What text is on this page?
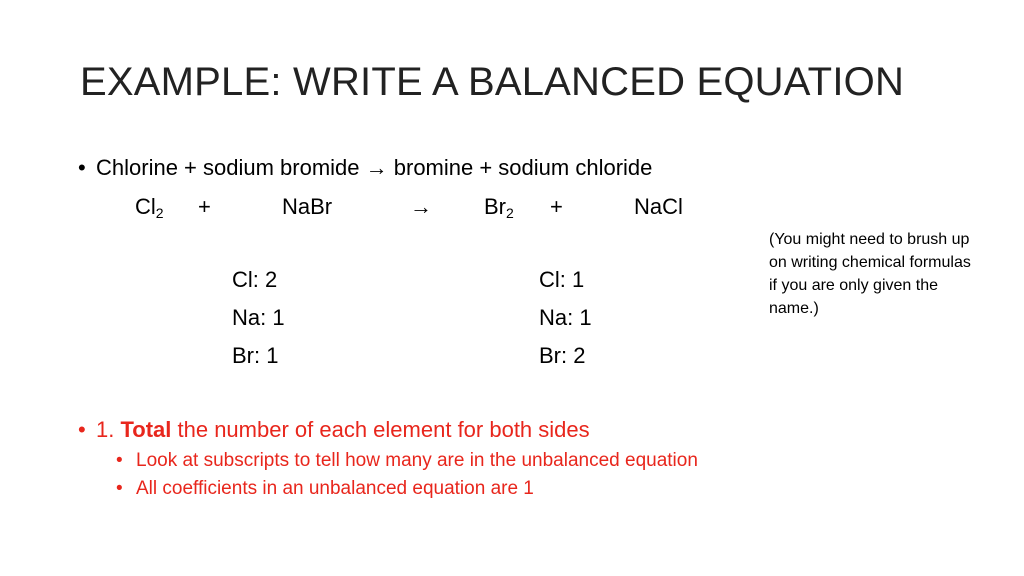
EXAMPLE: WRITE A BALANCED EQUATION
• Chlorine + sodium bromide → bromine + sodium chloride
$Cl_2$ +	NaBr	→ $Br_2$ +	NaCl
(You might need to brush up on writing chemical formulas if you are only given the name.)
Cl: 2
Na: 1
Br: 1
Cl: 1
Na: 1
Br: 2
• 1. Total the number of each element for both sides
• Look at subscripts to tell how many are in the unbalanced equation
• All coefficients in an unbalanced equation are 1
